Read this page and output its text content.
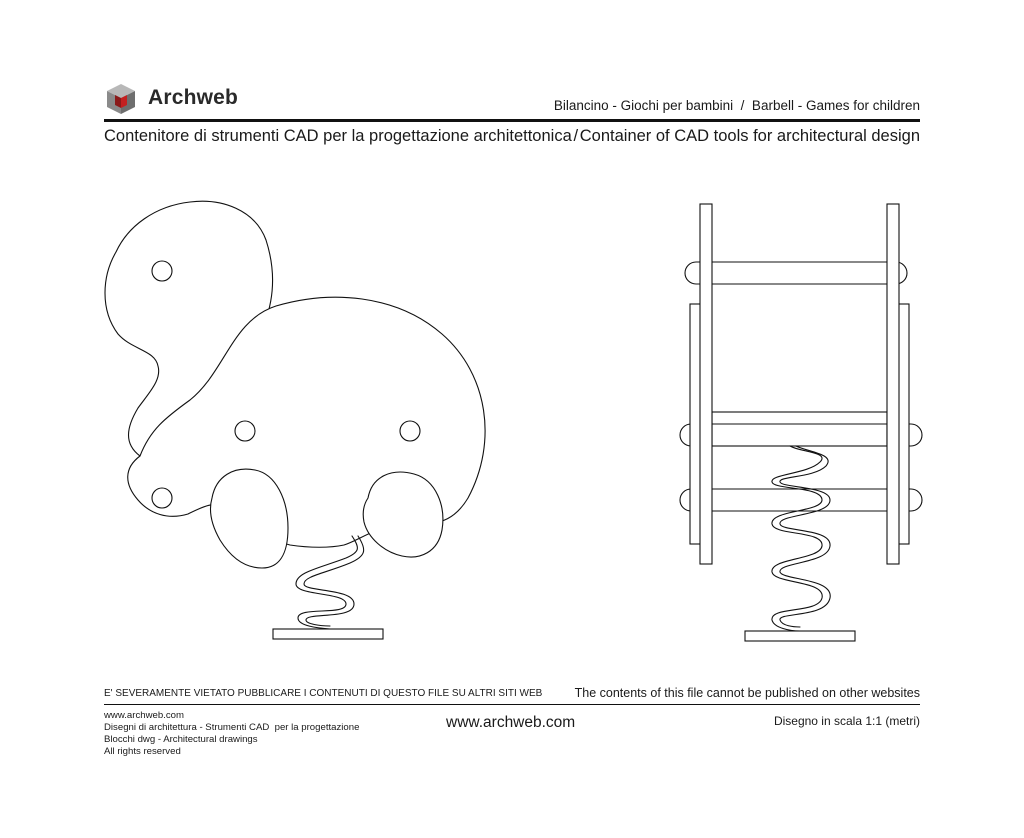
Archweb	Bilancino - Giochi per bambini  /  Barbell - Games for children
Contenitore di strumenti CAD per la progettazione architettonica / Container of CAD tools for architectural design
E' SEVERAMENTE VIETATO PUBBLICARE I CONTENUTI DI QUESTO FILE SU ALTRI SITI WEB	The contents of this file cannot be published on other websites
www.archweb.com
Disegni di architettura - Strumenti CAD  per la progettazione
Blocchi dwg - Architectural drawings
All rights reserved
www.archweb.com	Disegno in scala 1:1 (metri)
